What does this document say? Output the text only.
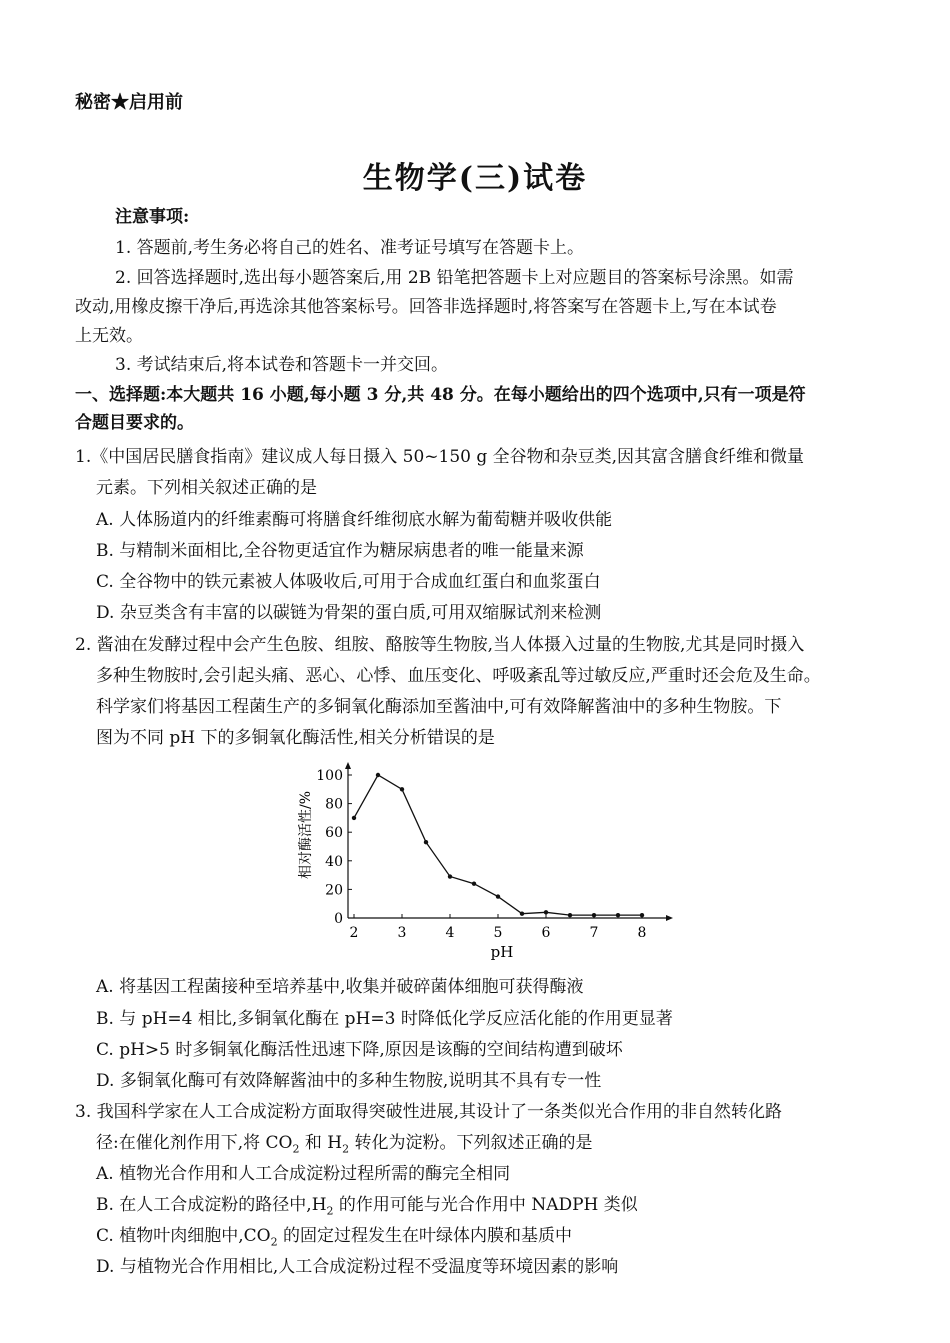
秘密★启用前
生物学(三)试卷
注意事项:
1. 答题前,考生务必将自己的姓名、准考证号填写在答题卡上。
2. 回答选择题时,选出每小题答案后,用 2B 铅笔把答题卡上对应题目的答案标号涂黑。如需
改动,用橡皮擦干净后,再选涂其他答案标号。回答非选择题时,将答案写在答题卡上,写在本试卷
上无效。
3. 考试结束后,将本试卷和答题卡一并交回。
一、选择题:本大题共 16 小题,每小题 3 分,共 48 分。在每小题给出的四个选项中,只有一项是符
合题目要求的。
1.《中国居民膳食指南》建议成人每日摄入 50~150 g 全谷物和杂豆类,因其富含膳食纤维和微量
元素。下列相关叙述正确的是
A. 人体肠道内的纤维素酶可将膳食纤维彻底水解为葡萄糖并吸收供能
B. 与精制米面相比,全谷物更适宜作为糖尿病患者的唯一能量来源
C. 全谷物中的铁元素被人体吸收后,可用于合成血红蛋白和血浆蛋白
D. 杂豆类含有丰富的以碳链为骨架的蛋白质,可用双缩脲试剂来检测
2. 酱油在发酵过程中会产生色胺、组胺、酪胺等生物胺,当人体摄入过量的生物胺,尤其是同时摄入
多种生物胺时,会引起头痛、恶心、心悸、血压变化、呼吸紊乱等过敏反应,严重时还会危及生命。
科学家们将基因工程菌生产的多铜氧化酶添加至酱油中,可有效降解酱油中的多种生物胺。下
图为不同 pH 下的多铜氧化酶活性,相关分析错误的是
0
20
40
60
80
100
2	3	4	5	6	7	8
相对酶活性/%
pH
A. 将基因工程菌接种至培养基中,收集并破碎菌体细胞可获得酶液
B. 与 pH=4 相比,多铜氧化酶在 pH=3 时降低化学反应活化能的作用更显著
C. pH>5 时多铜氧化酶活性迅速下降,原因是该酶的空间结构遭到破坏
D. 多铜氧化酶可有效降解酱油中的多种生物胺,说明其不具有专一性
3. 我国科学家在人工合成淀粉方面取得突破性进展,其设计了一条类似光合作用的非自然转化路
径:在催化剂作用下,将 $CO_2$ 和 $H_2$ 转化为淀粉。下列叙述正确的是
A. 植物光合作用和人工合成淀粉过程所需的酶完全相同
B. 在人工合成淀粉的路径中$,H_2$ 的作用可能与光合作用中 NADPH 类似
C. 植物叶肉细胞中$,CO_2$ 的固定过程发生在叶绿体内膜和基质中
D. 与植物光合作用相比,人工合成淀粉过程不受温度等环境因素的影响
